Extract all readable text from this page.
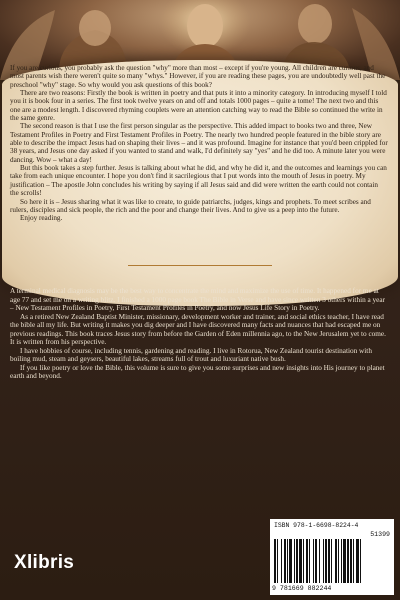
If you are curious, you probably ask the question "why" more than most – except if you're young. All children are curious, and most parents wish there weren't quite so many "whys." However, if you are reading these pages, you are undoubtedly well past the preschool "why" stage. So why would you ask questions of this book?

There are two reasons: Firstly the book is written in poetry and that puts it into a minority category. In introducing myself I told you it is book four in a series. The first took twelve years on and off and totals 1000 pages – quite a tome! The next two and this one are a modest length. I discovered rhyming couplets were an attention catching way to read the Bible so continued the write in the same genre.

The second reason is that I use the first person singular as the perspective. This added impact to books two and three, New Testament Profiles in Poetry and First Testament Profiles in Poetry. The nearly two hundred people featured in the bible story are able to describe the impact Jesus had on shaping their lives – and it was profound. Imagine for instance that you'd been crippled for 38 years, and Jesus one day asked if you wanted to stand and walk, I'd definitely say "yes" and he did too. A minute later you were dancing. Wow – what a day!

But this book takes a step further. Jesus is talking about what he did, and why he did it, and the outcomes and learnings you can take from each unique encounter. I hope you don't find it sacrilegious that I put words into the mouth of Jesus in poetry. My justification – The apostle John concludes his writing by saying if all Jesus said and did were written the earth could not contain the scrolls!

So here it is – Jesus sharing what it was like to create, to guide patriarchs, judges, kings and prophets. To meet scribes and rulers, disciples and sick people, the rich and the poor and change their lives. And to give us a peep into the future.

Enjoy reading.

A terminal medical diagnosis may be the best way to concentrate the mind and maximize the use of time. It happened for me at age 77 and set me on a writing blitz. I finished a 1000 page book The Bible in Verse and have since written 3 others within a year – New Testament Profiles in Poetry, First Testament Profiles in Poetry, and now Jesus Life Story in Poetry.

As a retired New Zealand Baptist Minister, missionary, development worker and trainer, and social ethics teacher, I have read the bible all my life. But writing it makes you dig deeper and I have discovered many facts and nuances that had escaped me on previous readings. This book traces Jesus story from before the Garden of Eden millennia ago, to the New Jerusalem yet to come. It is written from his perspective.

I have hobbies of course, including tennis, gardening and reading. I live in Rotorua, New Zealand tourist destination with boiling mud, steam and geysers, beautiful lakes, streams full of trout and luxuriant native bush.

If you like poetry or love the Bible, this volume is sure to give you some surprises and new insights into His journey to planet earth and beyond.

Xlibris
ISBN 978-1-6698-8224-4
51399
9 781669 882244
